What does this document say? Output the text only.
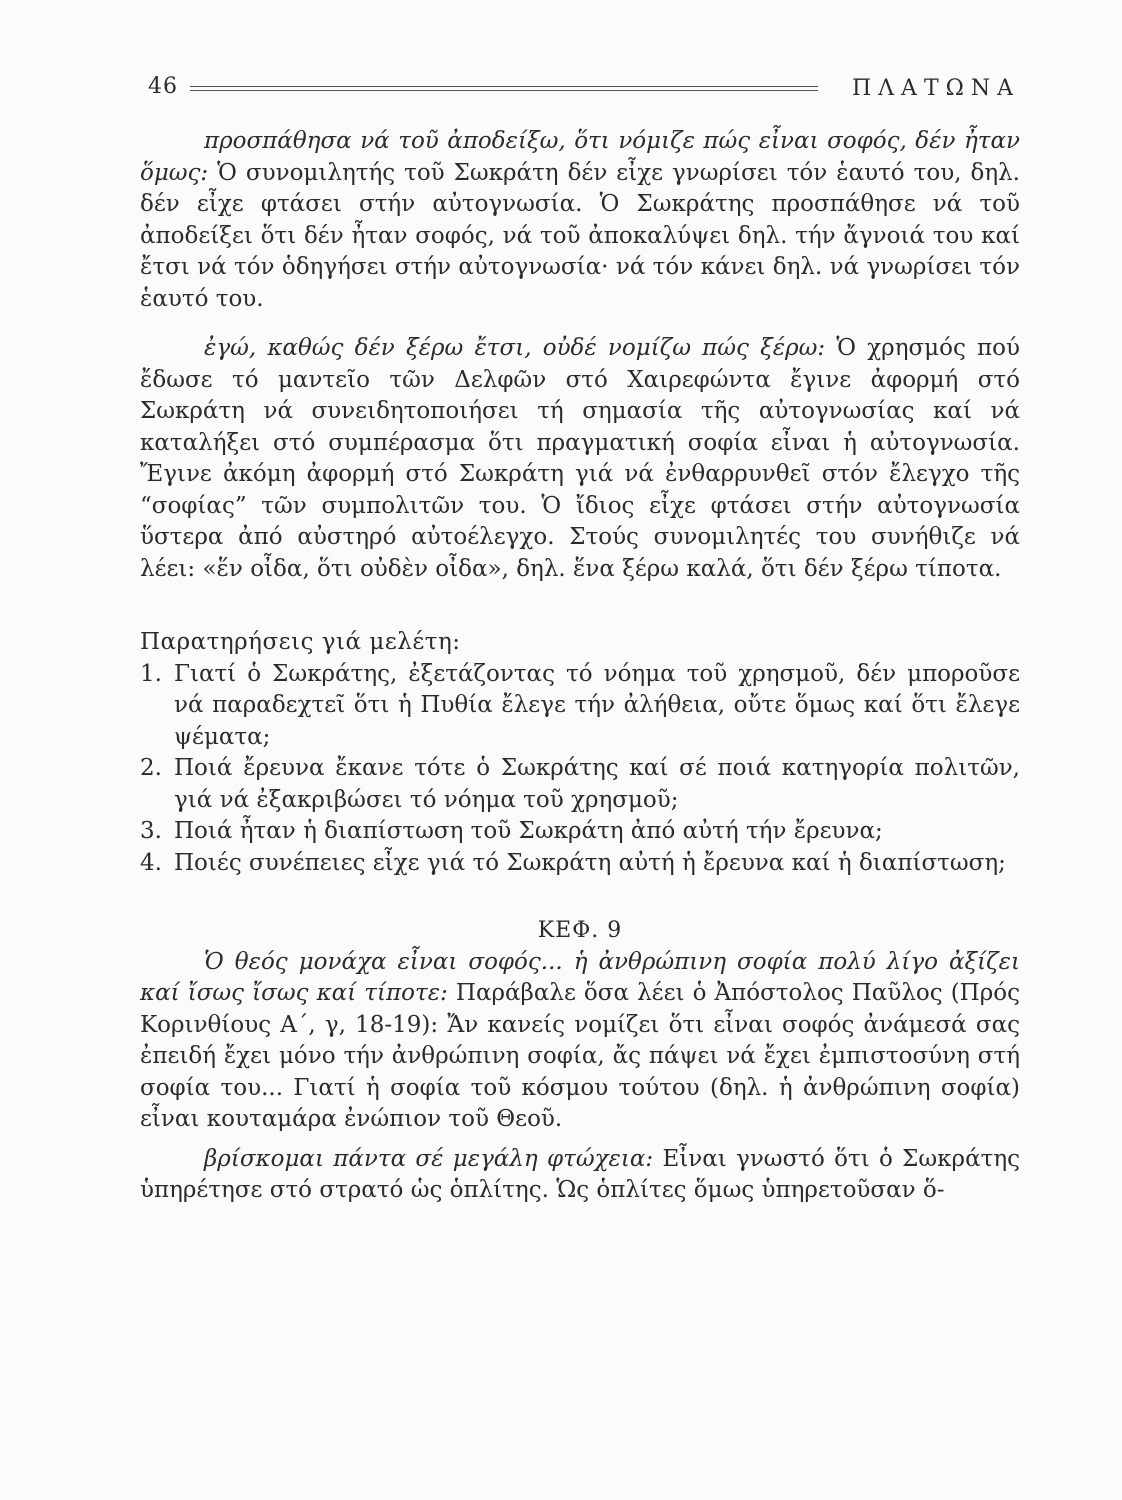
46	ΠΛΑΤΩΝΑ

προσπάθησα νά τοῦ ἀποδείξω, ὅτι νόμιζε πώς εἶναι σοφός, δέν ἦταν ὅμως: Ὁ συνομιλητής τοῦ Σωκράτη δέν εἶχε γνωρίσει τόν ἑαυτό του, δηλ. δέν εἶχε φτάσει στήν αὐτογνωσία. Ὁ Σωκράτης προσπάθησε νά τοῦ ἀποδείξει ὅτι δέν ἦταν σοφός, νά τοῦ ἀποκαλύψει δηλ. τήν ἄγνοιά του καί ἔτσι νά τόν ὁδηγήσει στήν αὐτογνωσία· νά τόν κάνει δηλ. νά γνωρίσει τόν ἑαυτό του.

ἐγώ, καθώς δέν ξέρω ἔτσι, οὐδέ νομίζω πώς ξέρω: Ὁ χρησμός πού ἔδωσε τό μαντεῖο τῶν Δελφῶν στό Χαιρεφώντα ἔγινε ἀφορμή στό Σωκράτη νά συνειδητοποιήσει τή σημασία τῆς αὐτογνωσίας καί νά καταλήξει στό συμπέρασμα ὅτι πραγματική σοφία εἶναι ἡ αὐτογνωσία. Ἔγινε ἀκόμη ἀφορμή στό Σωκράτη γιά νά ἐνθαρρυνθεῖ στόν ἔλεγχο τῆς “σοφίας” τῶν συμπολιτῶν του. Ὁ ἴδιος εἶχε φτάσει στήν αὐτογνωσία ὕστερα ἀπό αὐστηρό αὐτοέλεγχο. Στούς συνομιλητές του συνήθιζε νά λέει: «ἕν οἶδα, ὅτι οὐδὲν οἶδα», δηλ. ἕνα ξέρω καλά, ὅτι δέν ξέρω τίποτα.

Παρατηρήσεις γιά μελέτη:

1. Γιατί ὁ Σωκράτης, ἐξετάζοντας τό νόημα τοῦ χρησμοῦ, δέν μποροῦσε νά παραδεχτεῖ ὅτι ἡ Πυθία ἔλεγε τήν ἀλήθεια, οὔτε ὅμως καί ὅτι ἔλεγε ψέματα;
2. Ποιά ἔρευνα ἔκανε τότε ὁ Σωκράτης καί σέ ποιά κατηγορία πολιτῶν, γιά νά ἐξακριβώσει τό νόημα τοῦ χρησμοῦ;
3. Ποιά ἦταν ἡ διαπίστωση τοῦ Σωκράτη ἀπό αὐτή τήν ἔρευνα;
4. Ποιές συνέπειες εἶχε γιά τό Σωκράτη αὐτή ἡ ἔρευνα καί ἡ διαπίστωση;

ΚΕΦ. 9

Ὁ θεός μονάχα εἶναι σοφός... ἡ ἀνθρώπινη σοφία πολύ λίγο ἀξίζει καί ἴσως ἴσως καί τίποτε: Παράβαλε ὅσα λέει ὁ Ἀπόστολος Παῦλος (Πρός Κορινθίους Α΄, γ, 18-19): Ἄν κανείς νομίζει ὅτι εἶναι σοφός ἀνάμεσά σας ἐπειδή ἔχει μόνο τήν ἀνθρώπινη σοφία, ἄς πάψει νά ἔχει ἐμπιστοσύνη στή σοφία του... Γιατί ἡ σοφία τοῦ κόσμου τούτου (δηλ. ἡ ἀνθρώπινη σοφία) εἶναι κουταμάρα ἐνώπιον τοῦ Θεοῦ.

βρίσκομαι πάντα σέ μεγάλη φτώχεια: Εἶναι γνωστό ὅτι ὁ Σωκράτης ὑπηρέτησε στό στρατό ὡς ὁπλίτης. Ὡς ὁπλίτες ὅμως ὑπηρετοῦσαν ὅ-
